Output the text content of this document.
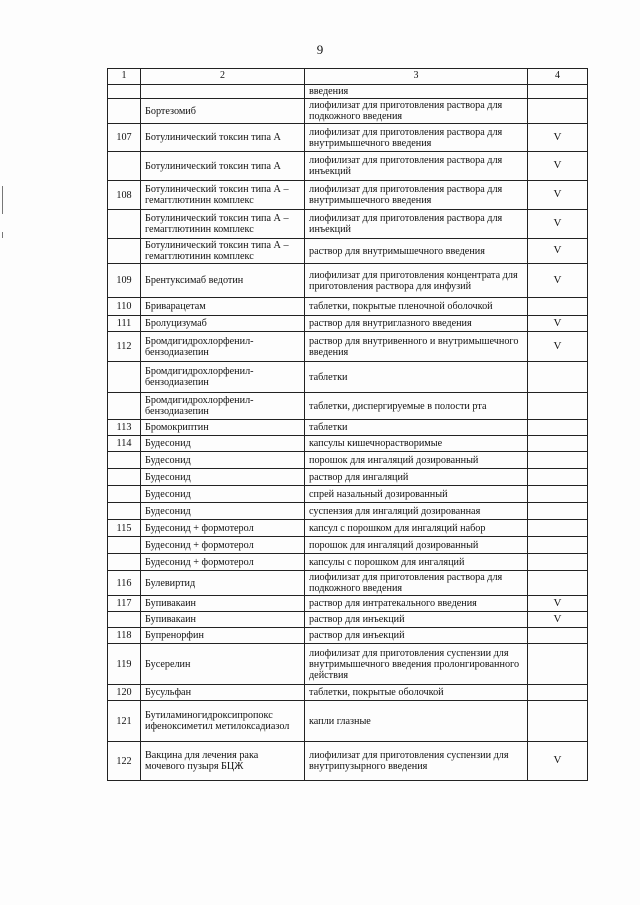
9
1	2	3	4
		введения	
	Бортезомиб	лиофилизат для приготовления раствора для подкожного введения	
107	Ботулинический токсин типа А	лиофилизат для приготовления раствора для внутримышечного введения	V
	Ботулинический токсин типа А	лиофилизат для приготовления раствора для инъекций	V
108	Ботулинический токсин типа А – гемагглютинин комплекс	лиофилизат для приготовления раствора для внутримышечного введения	V
	Ботулинический токсин типа А – гемагглютинин комплекс	лиофилизат для приготовления раствора для инъекций	V
	Ботулинический токсин типа А – гемагглютинин комплекс	раствор для внутримышечного введения	V
109	Брентуксимаб ведотин	лиофилизат для приготовления концентрата для приготовления раствора для инфузий	V
110	Бриварацетам	таблетки, покрытые пленочной оболочкой	
111	Бролуцизумаб	раствор для внутриглазного введения	V
112	Бромдигидрохлорфенил-бензодиазепин	раствор для внутривенного и внутримышечного введения	V
	Бромдигидрохлорфенил-бензодиазепин	таблетки	
	Бромдигидрохлорфенил-бензодиазепин	таблетки, диспергируемые в полости рта	
113	Бромокриптин	таблетки	
114	Будесонид	капсулы кишечнорастворимые	
	Будесонид	порошок для ингаляций дозированный	
	Будесонид	раствор для ингаляций	
	Будесонид	спрей назальный дозированный	
	Будесонид	суспензия для ингаляций дозированная	
115	Будесонид + формотерол	капсул с порошком для ингаляций набор	
	Будесонид + формотерол	порошок для ингаляций дозированный	
	Будесонид + формотерол	капсулы с порошком для ингаляций	
116	Булевиртид	лиофилизат для приготовления раствора для подкожного введения	
117	Бупивакаин	раствор для интратекального введения	V
	Бупивакаин	раствор для инъекций	V
118	Бупренорфин	раствор для инъекций	
119	Бусерелин	лиофилизат для приготовления суспензии для внутримышечного введения пролонгированного действия	
120	Бусульфан	таблетки, покрытые оболочкой	
121	Бутиламиногидроксипропокс ифеноксиметил метилоксадиазол	капли глазные	
122	Вакцина для лечения рака мочевого пузыря БЦЖ	лиофилизат для приготовления суспензии для внутрипузырного введения	V
